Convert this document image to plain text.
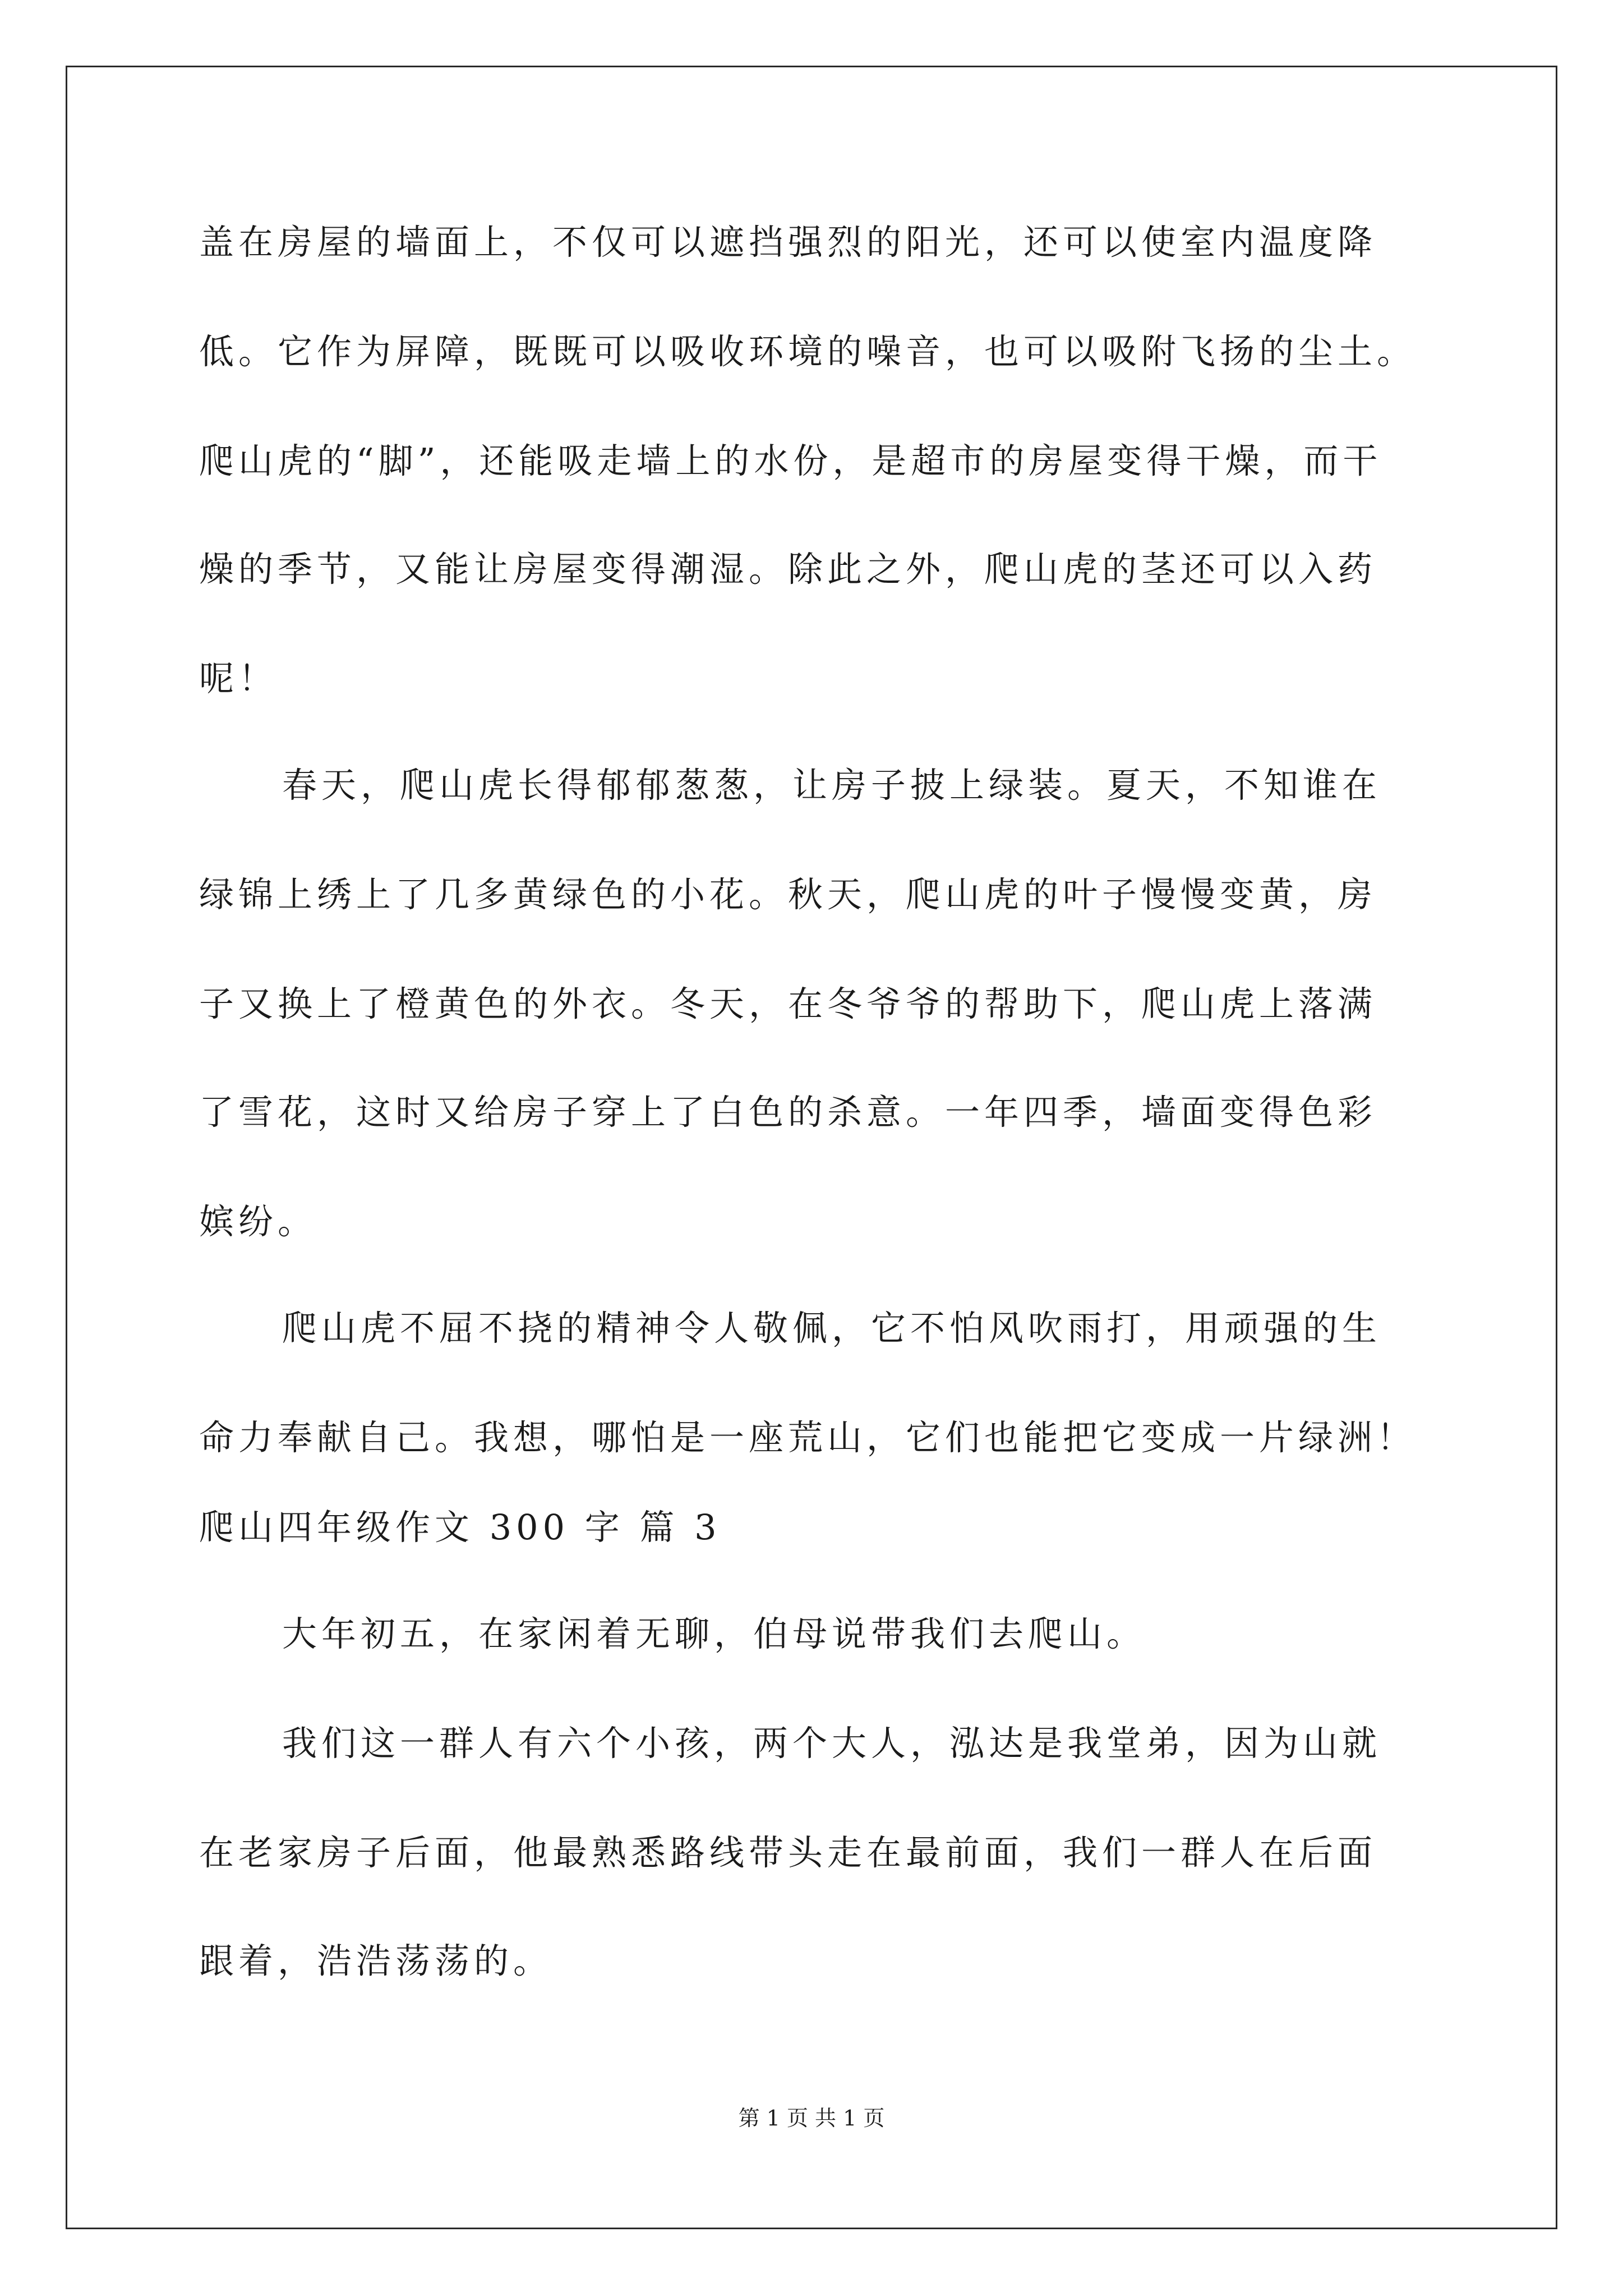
盖在房屋的墙面上，不仅可以遮挡强烈的阳光，还可以使室内温度降
低。它作为屏障，既既可以吸收环境的噪音，也可以吸附飞扬的尘土。
爬山虎的“脚”，还能吸走墙上的水份，是超市的房屋变得干燥，而干
燥的季节，又能让房屋变得潮湿。除此之外，爬山虎的茎还可以入药
呢！
春天，爬山虎长得郁郁葱葱，让房子披上绿装。夏天，不知谁在
绿锦上绣上了几多黄绿色的小花。秋天，爬山虎的叶子慢慢变黄，房
子又换上了橙黄色的外衣。冬天，在冬爷爷的帮助下，爬山虎上落满
了雪花，这时又给房子穿上了白色的杀意。一年四季，墙面变得色彩
嫔纷。
爬山虎不屈不挠的精神令人敬佩，它不怕风吹雨打，用顽强的生
命力奉献自己。我想，哪怕是一座荒山，它们也能把它变成一片绿洲！
爬山四年级作文 300 字 篇 3
大年初五，在家闲着无聊，伯母说带我们去爬山。
我们这一群人有六个小孩，两个大人，泓达是我堂弟，因为山就
在老家房子后面，他最熟悉路线带头走在最前面，我们一群人在后面
跟着，浩浩荡荡的。
第 1 页 共 1 页
